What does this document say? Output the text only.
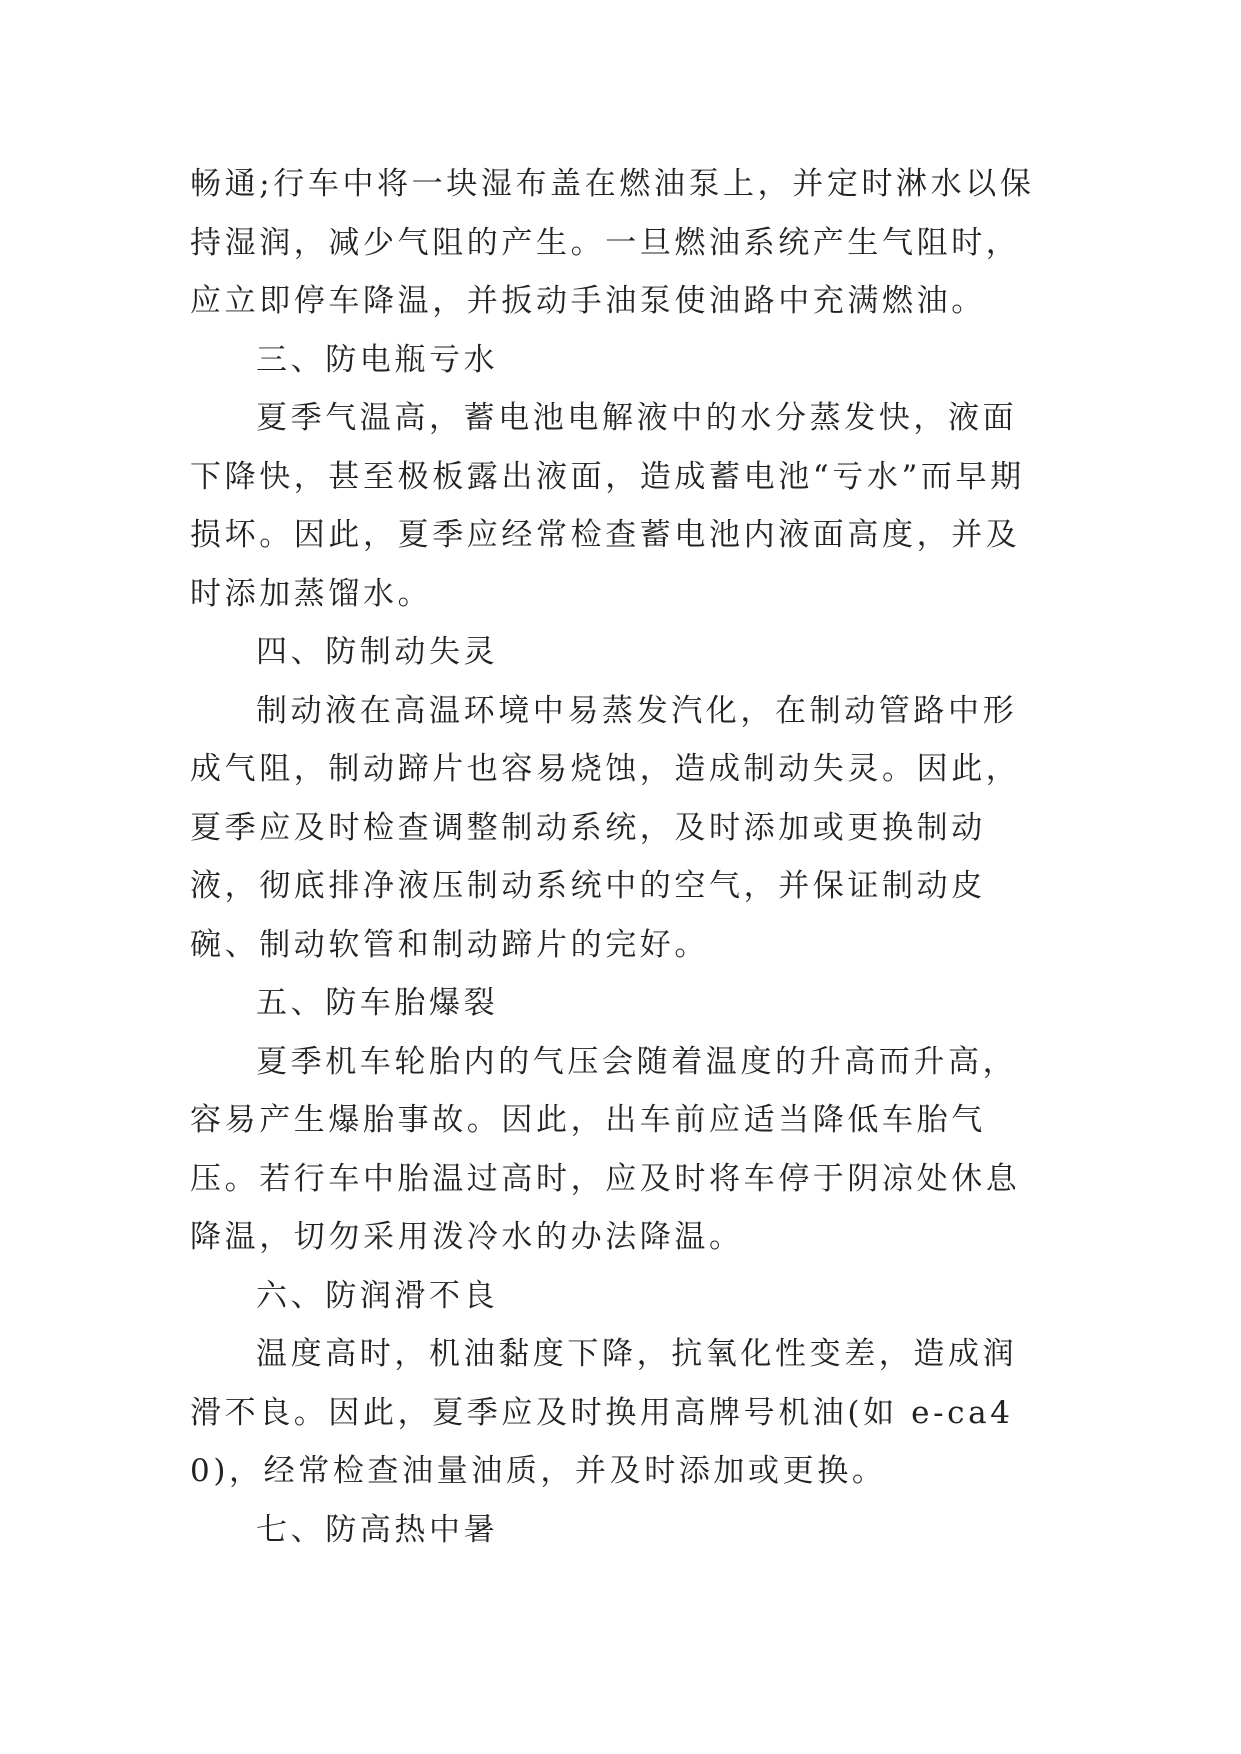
畅通;行车中将一块湿布盖在燃油泵上，并定时淋水以保持湿润，减少气阻的产生。一旦燃油系统产生气阻时，应立即停车降温，并扳动手油泵使油路中充满燃油。

三、防电瓶亏水

夏季气温高，蓄电池电解液中的水分蒸发快，液面下降快，甚至极板露出液面，造成蓄电池“亏水”而早期损坏。因此，夏季应经常检查蓄电池内液面高度，并及时添加蒸馏水。

四、防制动失灵

制动液在高温环境中易蒸发汽化，在制动管路中形成气阻，制动蹄片也容易烧蚀，造成制动失灵。因此，夏季应及时检查调整制动系统，及时添加或更换制动液，彻底排净液压制动系统中的空气，并保证制动皮碗、制动软管和制动蹄片的完好。

五、防车胎爆裂

夏季机车轮胎内的气压会随着温度的升高而升高，容易产生爆胎事故。因此，出车前应适当降低车胎气压。若行车中胎温过高时，应及时将车停于阴凉处休息降温，切勿采用泼冷水的办法降温。

六、防润滑不良

温度高时，机油黏度下降，抗氧化性变差，造成润滑不良。因此，夏季应及时换用高牌号机油(如 e-ca40)，经常检查油量油质，并及时添加或更换。

七、防高热中暑
